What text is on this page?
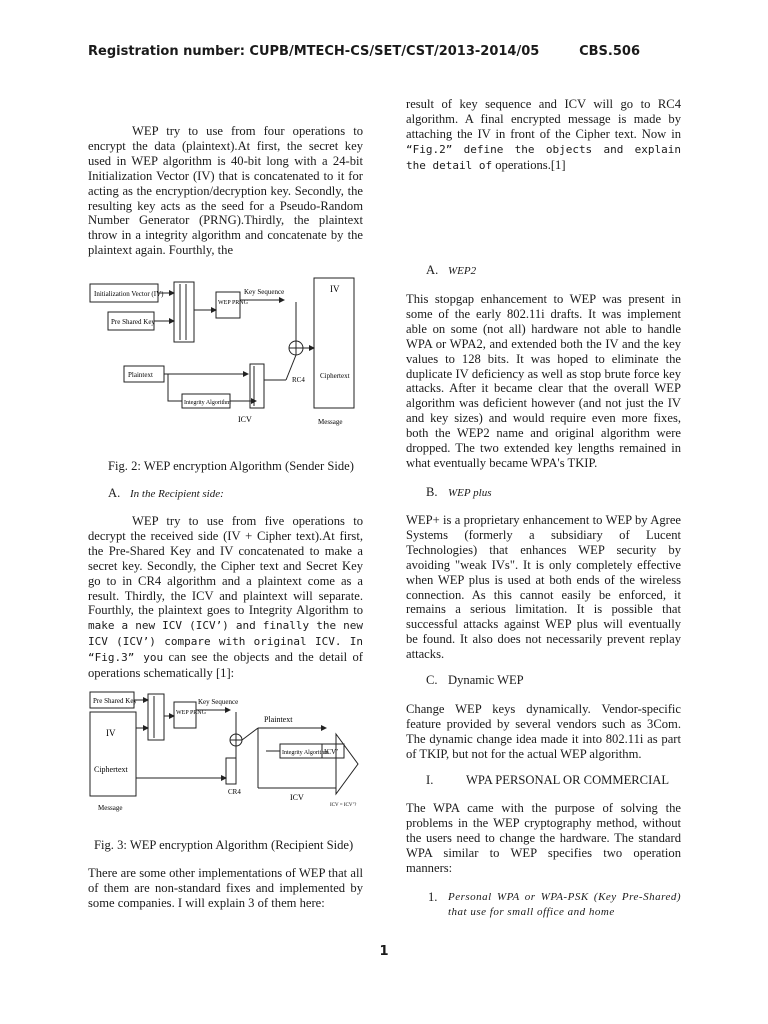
Registration number: CUPB/MTECH-CS/SET/CST/2013-2014/05	CBS.506

WEP try to use from four operations to encrypt the data (plaintext).At first, the secret key used in WEP algorithm is 40-bit long with a 24-bit Initialization Vector (IV) that is concatenated to it for acting as the encryption/decryption key. Secondly, the resulting key acts as the seed for a Pseudo-Random Number Generator (PRNG).Thirdly, the plaintext throw in a integrity algorithm and concatenate by the plaintext again. Fourthly, the

Initialization Vector (IV)
Pre Shared Key
WEP PRNG
Key Sequence	IV
Plaintext
Integrity Algorithm
ICV
RC4 Ciphertext
Message

Fig. 2: WEP encryption Algorithm (Sender Side)

A. In the Recipient side:

WEP try to use from five operations to decrypt the received side (IV + Cipher text).At first, the Pre-Shared Key and IV concatenated to make a secret key. Secondly, the Cipher text and Secret Key go to in CR4 algorithm and a plaintext come as a result. Thirdly, the ICV and plaintext will separate. Fourthly, the plaintext goes to Integrity Algorithm to make a new ICV (ICV’) and finally the new ICV (ICV’) compare with original ICV. In “Fig.3” you can see the objects and the detail of operations schematically [1]:

Pre Shared Key
IV
Ciphertext
WEP PRNG
Key Sequence
CR4
Plaintext
Integrity Algorithm
ICV’
ICV
Message	ICV = ICV’?

Fig. 3: WEP encryption Algorithm (Recipient Side)

There are some other implementations of WEP that all of them are non-standard fixes and implemented by some companies. I will explain 3 of them here:

result of key sequence and ICV will go to RC4 algorithm. A final encrypted message is made by attaching the IV in front of the Cipher text. Now in “Fig.2” define the objects and explain the detail of operations.[1]

A. WEP2

This stopgap enhancement to WEP was present in some of the early 802.11i drafts. It was implement able on some (not all) hardware not able to handle WPA or WPA2, and extended both the IV and the key values to 128 bits. It was hoped to eliminate the duplicate IV deficiency as well as stop brute force key attacks. After it became clear that the overall WEP algorithm was deficient however (and not just the IV and key sizes) and would require even more fixes, both the WEP2 name and original algorithm were dropped. The two extended key lengths remained in what eventually became WPA's TKIP.

B. WEP plus

WEP+ is a proprietary enhancement to WEP by Agree Systems (formerly a subsidiary of Lucent Technologies) that enhances WEP security by avoiding "weak IVs". It is only completely effective when WEP plus is used at both ends of the wireless connection. As this cannot easily be enforced, it remains a serious limitation. It is possible that successful attacks against WEP plus will eventually be found. It also does not necessarily prevent replay attacks.

C. Dynamic WEP

Change WEP keys dynamically. Vendor-specific feature provided by several vendors such as 3Com. The dynamic change idea made it into 802.11i as part of TKIP, but not for the actual WEP algorithm.

I.	WPA PERSONAL OR COMMERCIAL

The WPA came with the purpose of solving the problems in the WEP cryptography method, without the users need to change the hardware. The standard WPA similar to WEP specifies two operation manners:

1. Personal WPA or WPA-PSK (Key Pre-Shared) that use for small office and home

1
